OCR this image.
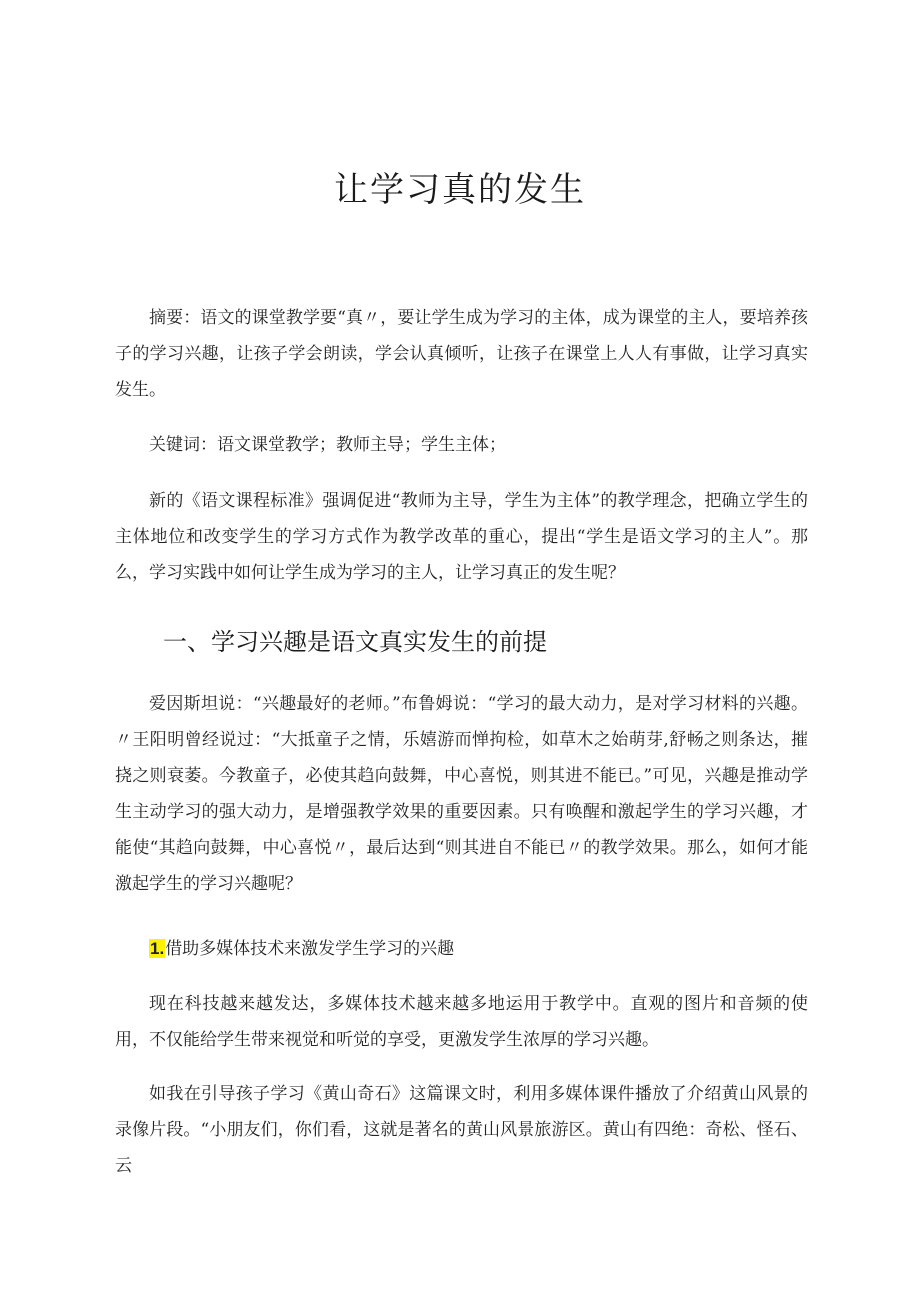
让学习真的发生

摘要：语文的课堂教学要“真〃，要让学生成为学习的主体，成为课堂的主人，要培养孩子的学习兴趣，让孩子学会朗读，学会认真倾听，让孩子在课堂上人人有事做，让学习真实发生。

关键词：语文课堂教学；教师主导；学生主体；

新的《语文课程标准》强调促进“教师为主导，学生为主体”的教学理念，把确立学生的主体地位和改变学生的学习方式作为教学改革的重心，提出“学生是语文学习的主人”。那么，学习实践中如何让学生成为学习的主人，让学习真正的发生呢？

一、学习兴趣是语文真实发生的前提

爱因斯坦说：“兴趣最好的老师。”布鲁姆说：“学习的最大动力，是对学习材料的兴趣。〃王阳明曾经说过：“大抵童子之情，乐嬉游而惮拘检，如草木之始萌芽,舒畅之则条达，摧挠之则衰萎。今教童子，必使其趋向鼓舞，中心喜悦，则其进不能已。”可见，兴趣是推动学生主动学习的强大动力，是增强教学效果的重要因素。只有唤醒和激起学生的学习兴趣，才能使“其趋向鼓舞，中心喜悦〃，最后达到“则其进自不能已〃的教学效果。那么，如何才能激起学生的学习兴趣呢？

1.借助多媒体技术来激发学生学习的兴趣

现在科技越来越发达，多媒体技术越来越多地运用于教学中。直观的图片和音频的使用，不仅能给学生带来视觉和听觉的享受，更激发学生浓厚的学习兴趣。

如我在引导孩子学习《黄山奇石》这篇课文时，利用多媒体课件播放了介绍黄山风景的录像片段。“小朋友们，你们看，这就是著名的黄山风景旅游区。黄山有四绝：奇松、怪石、云
